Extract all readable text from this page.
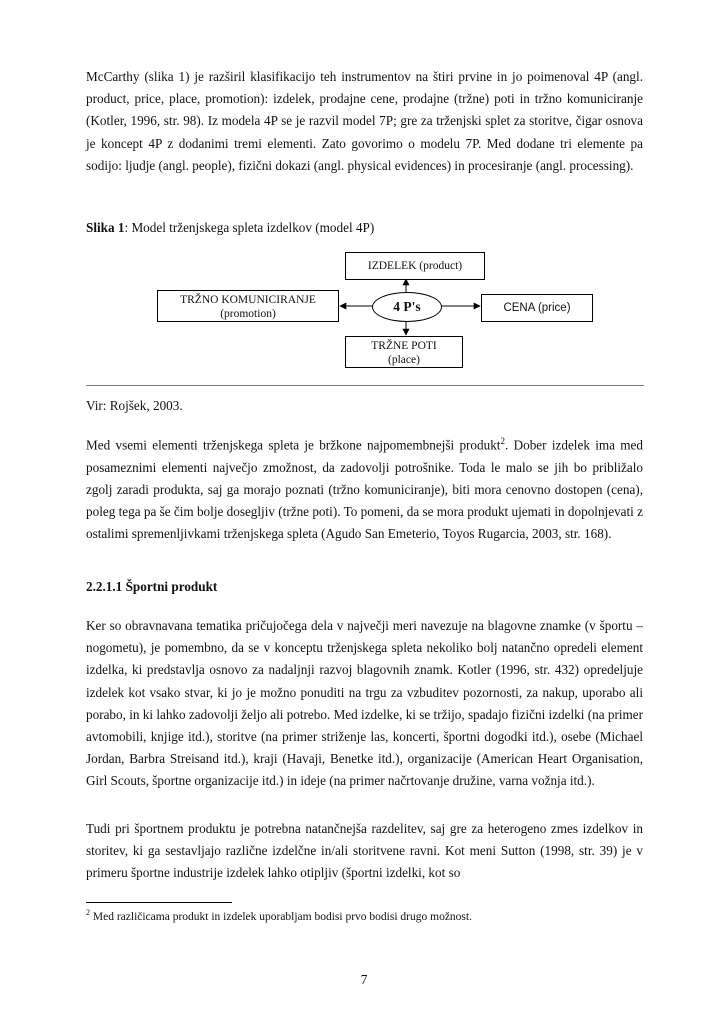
McCarthy (slika 1) je razširil klasifikacijo teh instrumentov na štiri prvine in jo poimenoval 4P (angl. product, price, place, promotion): izdelek, prodajne cene, prodajne (tržne) poti in tržno komuniciranje (Kotler, 1996, str. 98). Iz modela 4P se je razvil model 7P; gre za trženjski splet za storitve, čigar osnova je koncept 4P z dodanimi tremi elementi. Zato govorimo o modelu 7P. Med dodane tri elemente pa sodijo: ljudje (angl. people), fizični dokazi (angl. physical evidences) in procesiranje (angl. processing).

Slika 1: Model trženjskega spleta izdelkov (model 4P)

IZDELEK (product)
TRŽNO KOMUNICIRANJE
(promotion)	4 P's	CENA (price)
TRŽNE POTI
(place)

Vir: Rojšek, 2003.

Med vsemi elementi trženjskega spleta je bržkone najpomembnejši produkt$^2$. Dober izdelek ima med posameznimi elementi največjo zmožnost, da zadovolji potrošnike. Toda le malo se jih bo približalo zgolj zaradi produkta, saj ga morajo poznati (tržno komuniciranje), biti mora cenovno dostopen (cena), poleg tega pa še čim bolje dosegljiv (tržne poti). To pomeni, da se mora produkt ujemati in dopolnjevati z ostalimi spremenljivkami trženjskega spleta (Agudo San Emeterio, Toyos Rugarcia, 2003, str. 168).

2.2.1.1 Športni produkt

Ker so obravnavana tematika pričujočega dela v največji meri navezuje na blagovne znamke (v športu – nogometu), je pomembno, da se v konceptu trženjskega spleta nekoliko bolj natančno opredeli element izdelka, ki predstavlja osnovo za nadaljnji razvoj blagovnih znamk. Kotler (1996, str. 432) opredeljuje izdelek kot vsako stvar, ki jo je možno ponuditi na trgu za vzbuditev pozornosti, za nakup, uporabo ali porabo, in ki lahko zadovolji željo ali potrebo. Med izdelke, ki se tržijo, spadajo fizični izdelki (na primer avtomobili, knjige itd.), storitve (na primer striženje las, koncerti, športni dogodki itd.), osebe (Michael Jordan, Barbra Streisand itd.), kraji (Havaji, Benetke itd.), organizacije (American Heart Organisation, Girl Scouts, športne organizacije itd.) in ideje (na primer načrtovanje družine, varna vožnja itd.).

Tudi pri športnem produktu je potrebna natančnejša razdelitev, saj gre za heterogeno zmes izdelkov in storitev, ki ga sestavljajo različne izdelčne in/ali storitvene ravni. Kot meni Sutton (1998, str. 39) je v primeru športne industrije izdelek lahko otipljiv (športni izdelki, kot so

$^2$ Med različicama produkt in izdelek uporabljam bodisi prvo bodisi drugo možnost.

7
